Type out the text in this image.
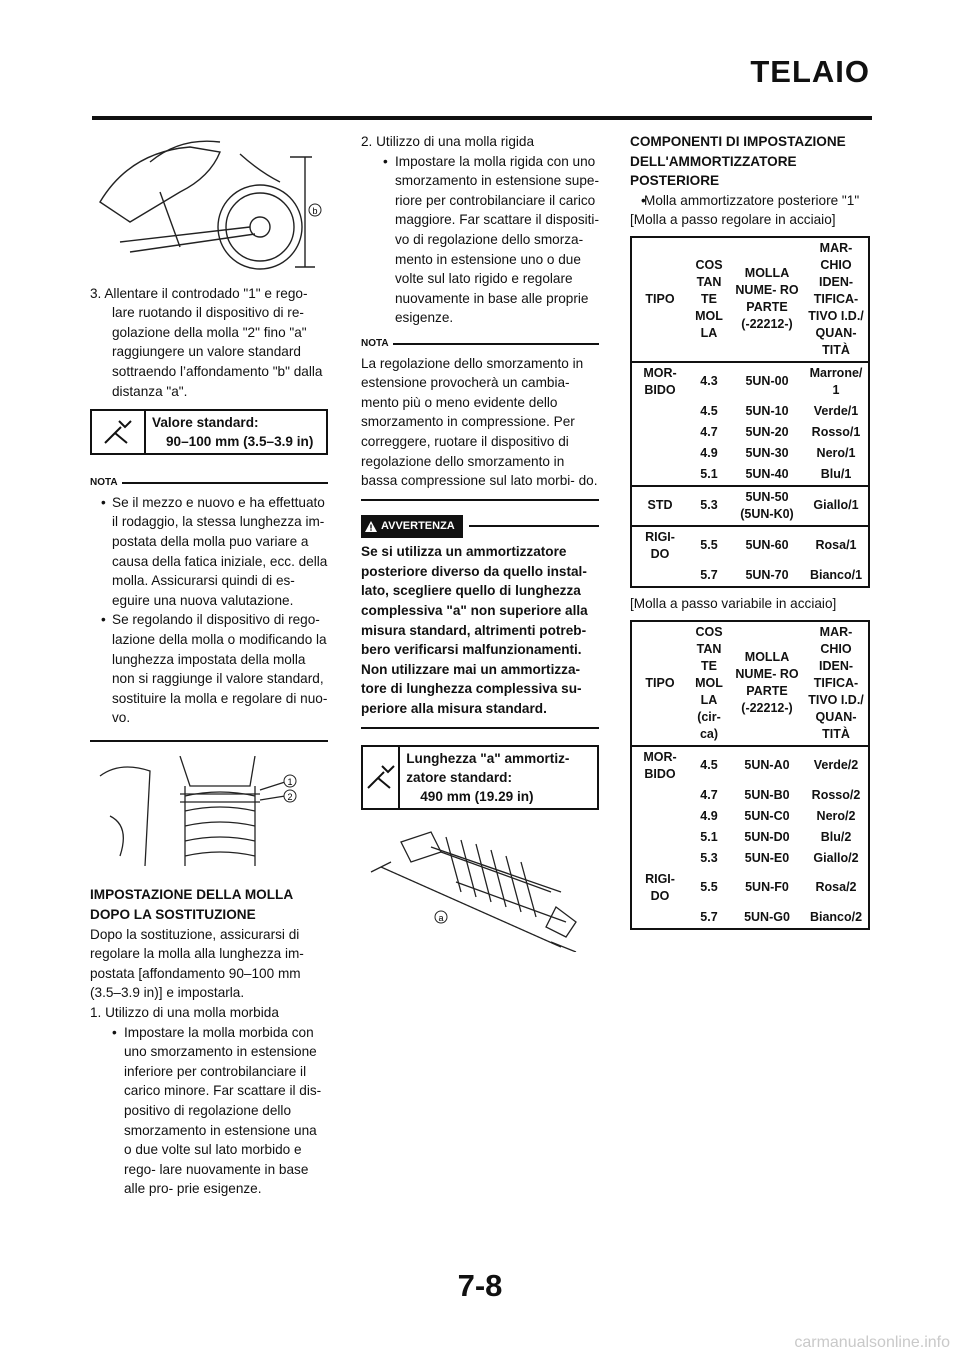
TELAIO
b

3. Allentare il controdado "1" e rego- lare ruotando il dispositivo di re- golazione della molla "2" fino "a" raggiungere un valore standard sottraendo l’affondamento "b" dalla distanza "a".

Valore standard:
90–100 mm (3.5–3.9 in)
NOTA

• Se il mezzo e nuovo e ha effettuato il rodaggio, la stessa lunghezza im- postata della molla puo variare a causa della fatica iniziale, ecc. della molla. Assicurarsi quindi di es- eguire una nuova valutazione.

• Se regolando il dispositivo di rego- lazione della molla o modificando la lunghezza impostata della molla non si raggiunge il valore standard, sostituire la molla e regolare di nuo- vo.

1
2

IMPOSTAZIONE DELLA MOLLA DOPO LA SOSTITUZIONE

Dopo la sostituzione, assicurarsi di regolare la molla alla lunghezza im- postata [affondamento 90–100 mm (3.5–3.9 in)] e impostarla.

1. Utilizzo di una molla morbida

• Impostare la molla morbida con uno smorzamento in estensione inferiore per controbilanciare il carico minore. Far scattare il dis- positivo di regolazione dello smorzamento in estensione una o due volte sul lato morbido e rego- lare nuovamente in base alle pro- prie esigenze.

2. Utilizzo di una molla rigida

• Impostare la molla rigida con uno smorzamento in estensione supe- riore per controbilanciare il carico maggiore. Far scattare il dispositi- vo di regolazione dello smorza- mento in estensione uno o due volte sul lato rigido e regolare nuovamente in base alle proprie esigenze.

NOTA

La regolazione dello smorzamento in estensione provocherà un cambia- mento più o meno evidente dello smorzamento in compressione. Per correggere, ruotare il dispositivo di regolazione dello smorzamento in bassa compressione sul lato morbi- do.

AVVERTENZA

Se si utilizza un ammortizzatore posteriore diverso da quello instal- lato, scegliere quello di lunghezza complessiva "a" non superiore alla misura standard, altrimenti potreb- bero verificarsi malfunzionamenti. Non utilizzare mai un ammortizza- tore di lunghezza complessiva su- periore alla misura standard.

Lunghezza "a" ammortiz- zatore standard:
490 mm (19.29 in)
a

COMPONENTI DI IMPOSTAZIONE DELL'AMMORTIZZATORE POSTERIORE

• Molla ammortizzatore posteriore "1"

[Molla a passo regolare in acciaio]

TIPO	COS TAN TE MOL LA	MOLLA NUME- RO PARTE (-22212-)	MAR- CHIO IDEN- TIFICA- TIVO I.D./ QUAN- TITÀ
MOR- BIDO	4.3	5UN-00	Marrone/ 1
	4.5	5UN-10	Verde/1
	4.7	5UN-20	Rosso/1
	4.9	5UN-30	Nero/1
	5.1	5UN-40	Blu/1
STD	5.3	5UN-50 (5UN-K0)	Giallo/1
RIGI- DO	5.5	5UN-60	Rosa/1
	5.7	5UN-70	Bianco/1

[Molla a passo variabile in acciaio]

TIPO	COS TAN TE MOL LA (cir- ca)	MOLLA NUME- RO PARTE (-22212-)	MAR- CHIO IDEN- TIFICA- TIVO I.D./ QUAN- TITÀ
MOR- BIDO	4.5	5UN-A0	Verde/2
	4.7	5UN-B0	Rosso/2
	4.9	5UN-C0	Nero/2
	5.1	5UN-D0	Blu/2
	5.3	5UN-E0	Giallo/2
RIGI- DO	5.5	5UN-F0	Rosa/2
	5.7	5UN-G0	Bianco/2
7-8
carmanualsonline.info
